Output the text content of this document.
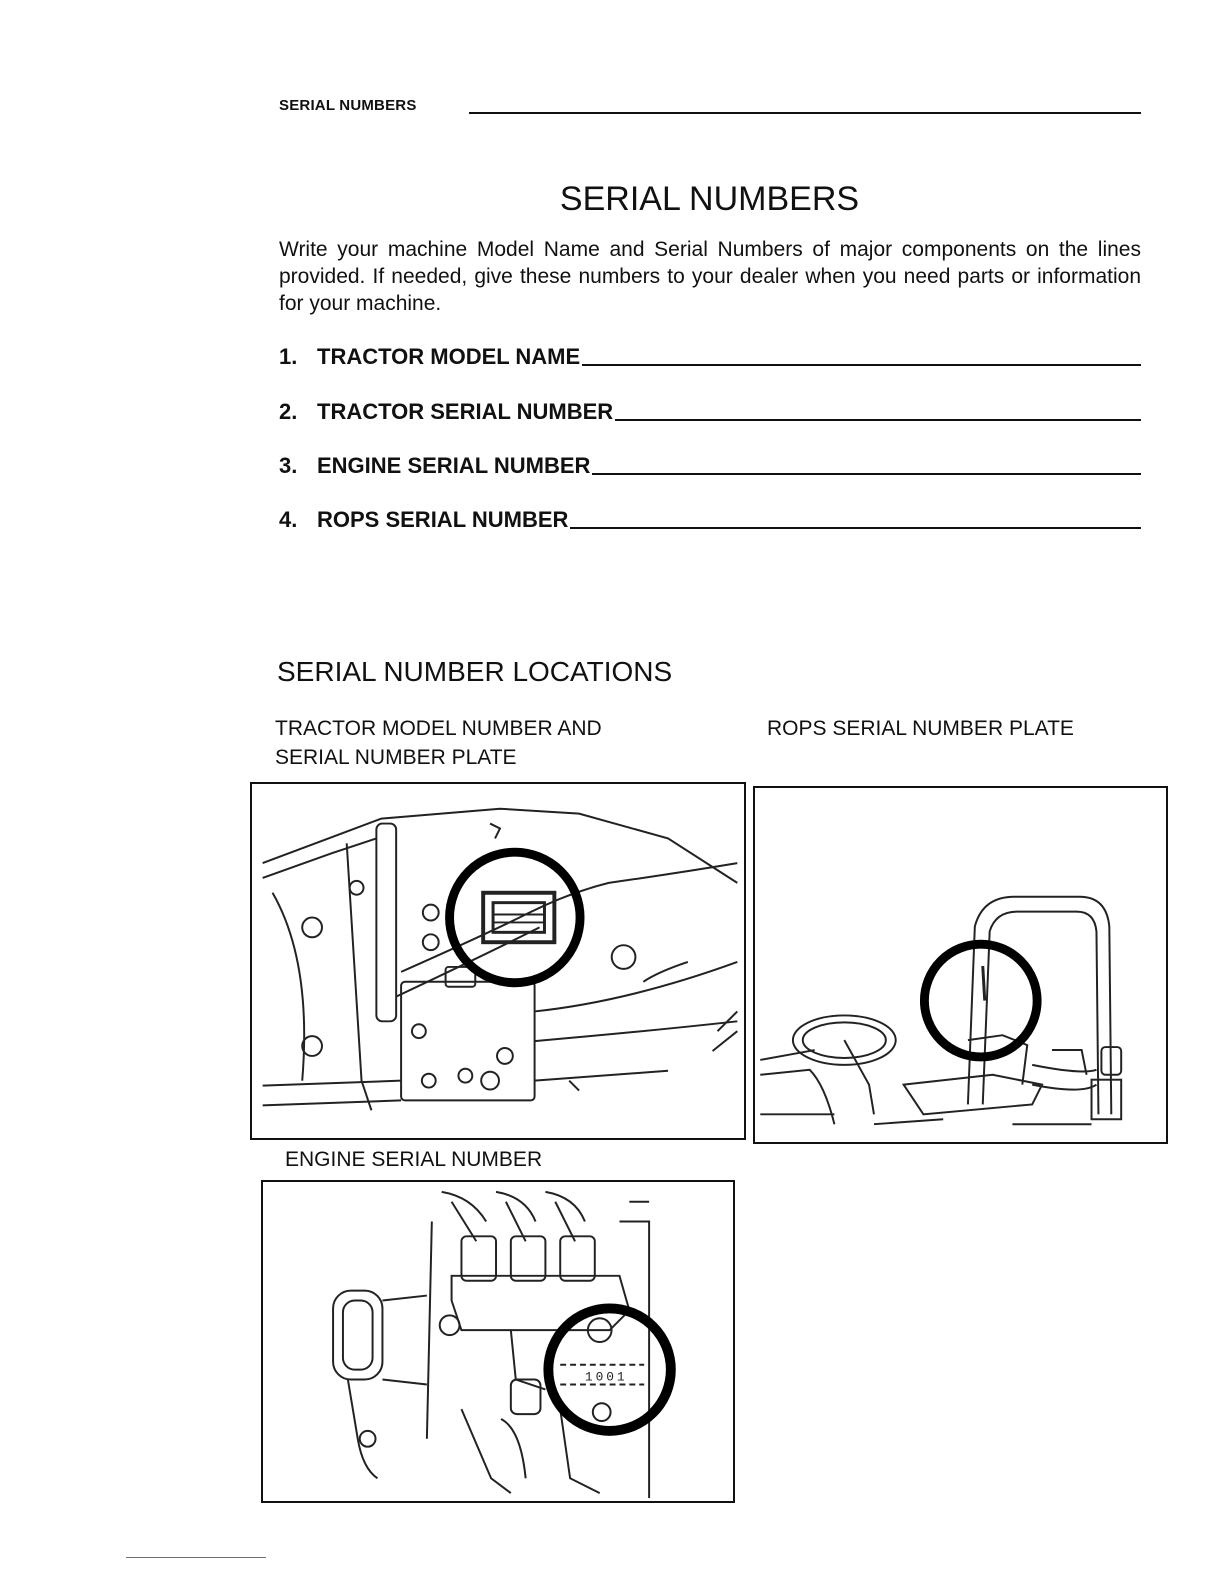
SERIAL NUMBERS
SERIAL NUMBERS

Write your machine Model Name and Serial Numbers of major components on the lines provided. If needed, give these numbers to your dealer when you need parts or information for your machine.

1. TRACTOR MODEL NAME
2. TRACTOR SERIAL NUMBER
3. ENGINE SERIAL NUMBER
4. ROPS SERIAL NUMBER
SERIAL NUMBER LOCATIONS
TRACTOR MODEL NUMBER AND
SERIAL NUMBER PLATE
ROPS SERIAL NUMBER PLATE
ENGINE SERIAL NUMBER
1001
